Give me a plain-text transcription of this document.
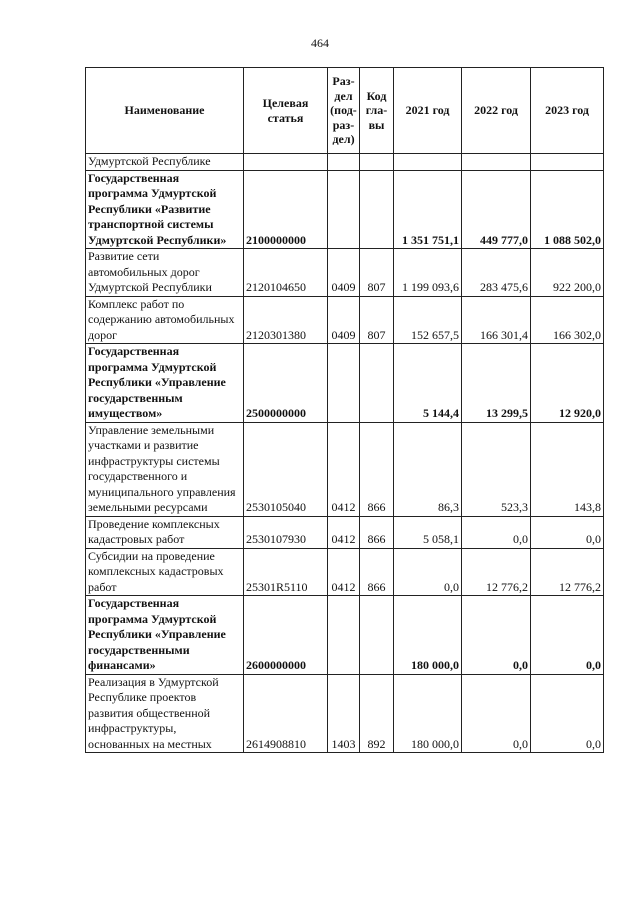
464
Наименование	Целевая статья	Раз-дел (под-раз-дел)	Код гла-вы	2021 год	2022 год	2023 год
Удмуртской Республике						
Государственная программа Удмуртской Республики «Развитие транспортной системы Удмуртской Республики»	2100000000			1 351 751,1	449 777,0	1 088 502,0
Развитие сети автомобильных дорог Удмуртской Республики	2120104650	0409	807	1 199 093,6	283 475,6	922 200,0
Комплекс работ по содержанию автомобильных дорог	2120301380	0409	807	152 657,5	166 301,4	166 302,0
Государственная программа Удмуртской Республики «Управление государственным имуществом»	2500000000			5 144,4	13 299,5	12 920,0
Управление земельными участками и развитие инфраструктуры системы государственного и муниципального управления земельными ресурсами	2530105040	0412	866	86,3	523,3	143,8
Проведение комплексных кадастровых работ	2530107930	0412	866	5 058,1	0,0	0,0
Субсидии на проведение комплексных кадастровых работ	25301R5110	0412	866	0,0	12 776,2	12 776,2
Государственная программа Удмуртской Республики «Управление государственными финансами»	2600000000			180 000,0	0,0	0,0
Реализация в Удмуртской Республике проектов развития общественной инфраструктуры, основанных на местных	2614908810	1403	892	180 000,0	0,0	0,0
